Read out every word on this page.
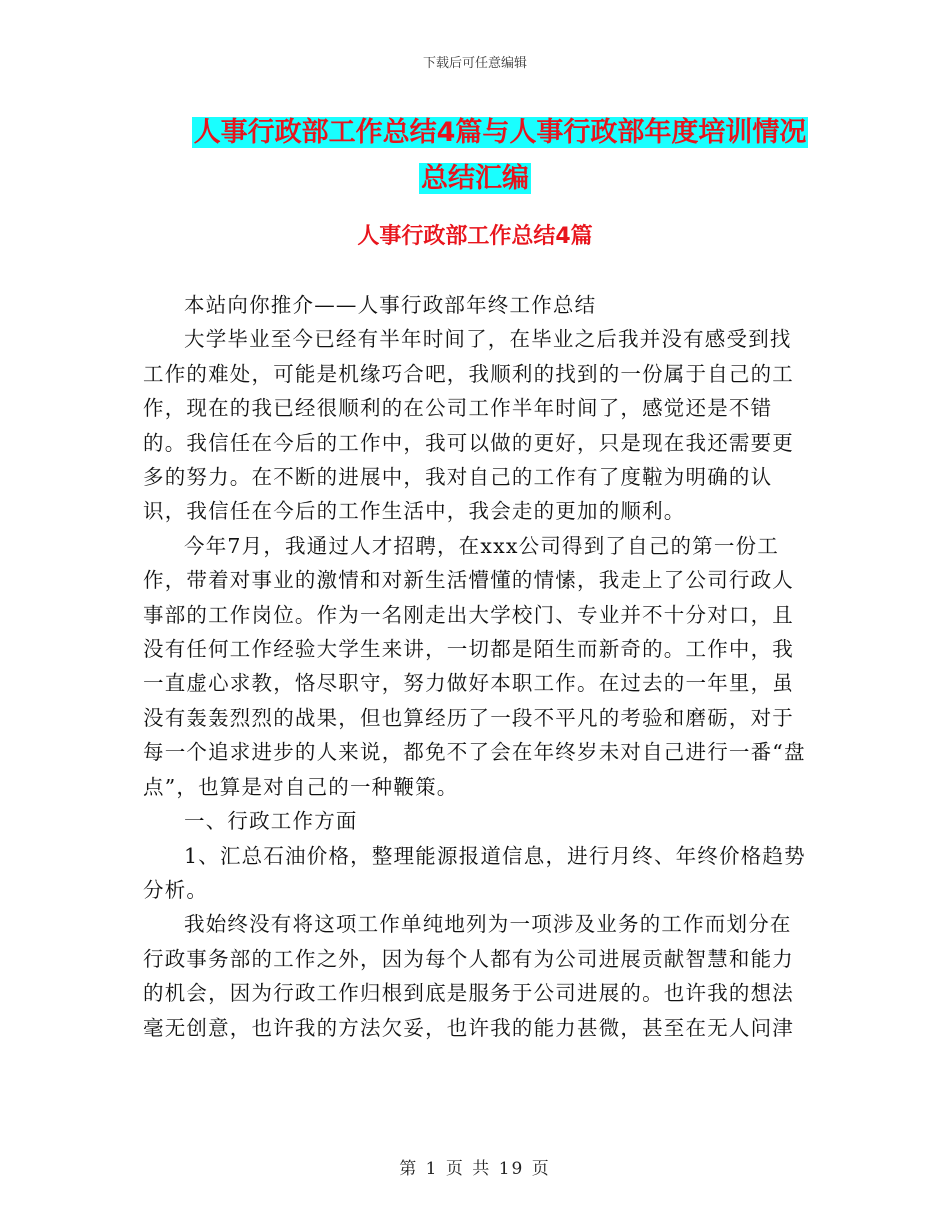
下载后可任意编辑
人事行政部工作总结4篇与人事行政部年度培训情况
总结汇编
人事行政部工作总结4篇

本站向你推介——人事行政部年终工作总结

大学毕业至今已经有半年时间了，在毕业之后我并没有感受到找工作的难处，可能是机缘巧合吧，我顺利的找到的一份属于自己的工作，现在的我已经很顺利的在公司工作半年时间了，感觉还是不错的。我信任在今后的工作中，我可以做的更好，只是现在我还需要更多的努力。在不断的进展中，我对自己的工作有了度鞡为明确的认识，我信任在今后的工作生活中，我会走的更加的顺利。

今年7月，我通过人才招聘，在xxx公司得到了自己的第一份工作，带着对事业的激情和对新生活懵懂的情愫，我走上了公司行政人事部的工作岗位。作为一名刚走出大学校门、专业并不十分对口，且没有任何工作经验大学生来讲，一切都是陌生而新奇的。工作中，我一直虚心求教，恪尽职守，努力做好本职工作。在过去的一年里，虽没有轰轰烈烈的战果，但也算经历了一段不平凡的考验和磨砺，对于每一个追求进步的人来说，都免不了会在年终岁未对自己进行一番“盘点”，也算是对自己的一种鞭策。

一、行政工作方面

1、汇总石油价格，整理能源报道信息，进行月终、年终价格趋势分析。

我始终没有将这项工作单纯地列为一项涉及业务的工作而划分在行政事务部的工作之外，因为每个人都有为公司进展贡献智慧和能力的机会，因为行政工作归根到底是服务于公司进展的。也许我的想法毫无创意，也许我的方法欠妥，也许我的能力甚微，甚至在无人问津

第 1 页 共 19 页
